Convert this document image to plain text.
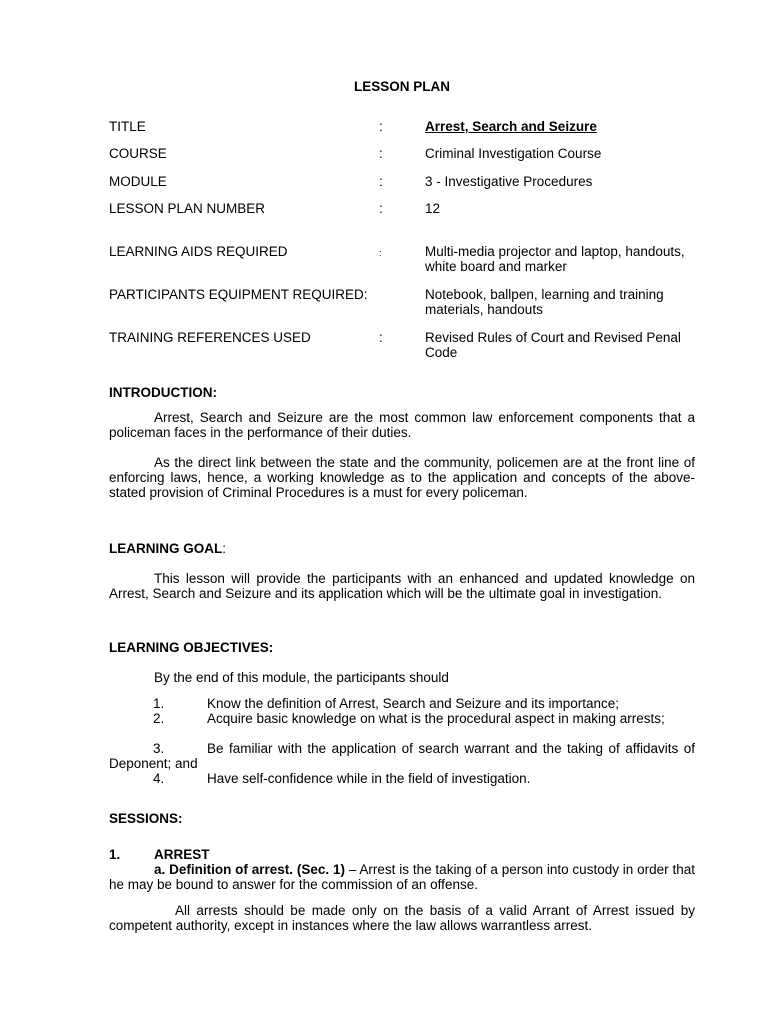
LESSON PLAN
TITLE	:	Arrest, Search and Seizure
COURSE	:	Criminal Investigation Course
MODULE	:	3 - Investigative Procedures
LESSON PLAN NUMBER	:	12
LEARNING AIDS REQUIRED	:	Multi-media projector and laptop, handouts, white board and marker
PARTICIPANTS EQUIPMENT REQUIRED:	Notebook, ballpen, learning and training materials, handouts
TRAINING REFERENCES USED	:	Revised Rules of Court and Revised Penal Code
INTRODUCTION:
Arrest, Search and Seizure are the most common law enforcement components that a policeman faces in the performance of their duties.
As the direct link between the state and the community, policemen are at the front line of enforcing laws, hence, a working knowledge as to the application and concepts of the above-stated provision of Criminal Procedures is a must for every policeman.
LEARNING GOAL:
This lesson will provide the participants with an enhanced and updated knowledge on Arrest, Search and Seizure and its application which will be the ultimate goal in investigation.
LEARNING OBJECTIVES:
By the end of this module, the participants should
1.	Know the definition of Arrest, Search and Seizure and its importance;
2.	Acquire basic knowledge on what is the procedural aspect in making arrests;
3.	Be familiar with the application of search warrant and the taking of affidavits of Deponent; and
4.	Have self-confidence while in the field of investigation.
SESSIONS:
1. ARREST
a. Definition of arrest. (Sec. 1) – Arrest is the taking of a person into custody in order that he may be bound to answer for the commission of an offense.
All arrests should be made only on the basis of a valid Arrant of Arrest issued by competent authority, except in instances where the law allows warrantless arrest.
